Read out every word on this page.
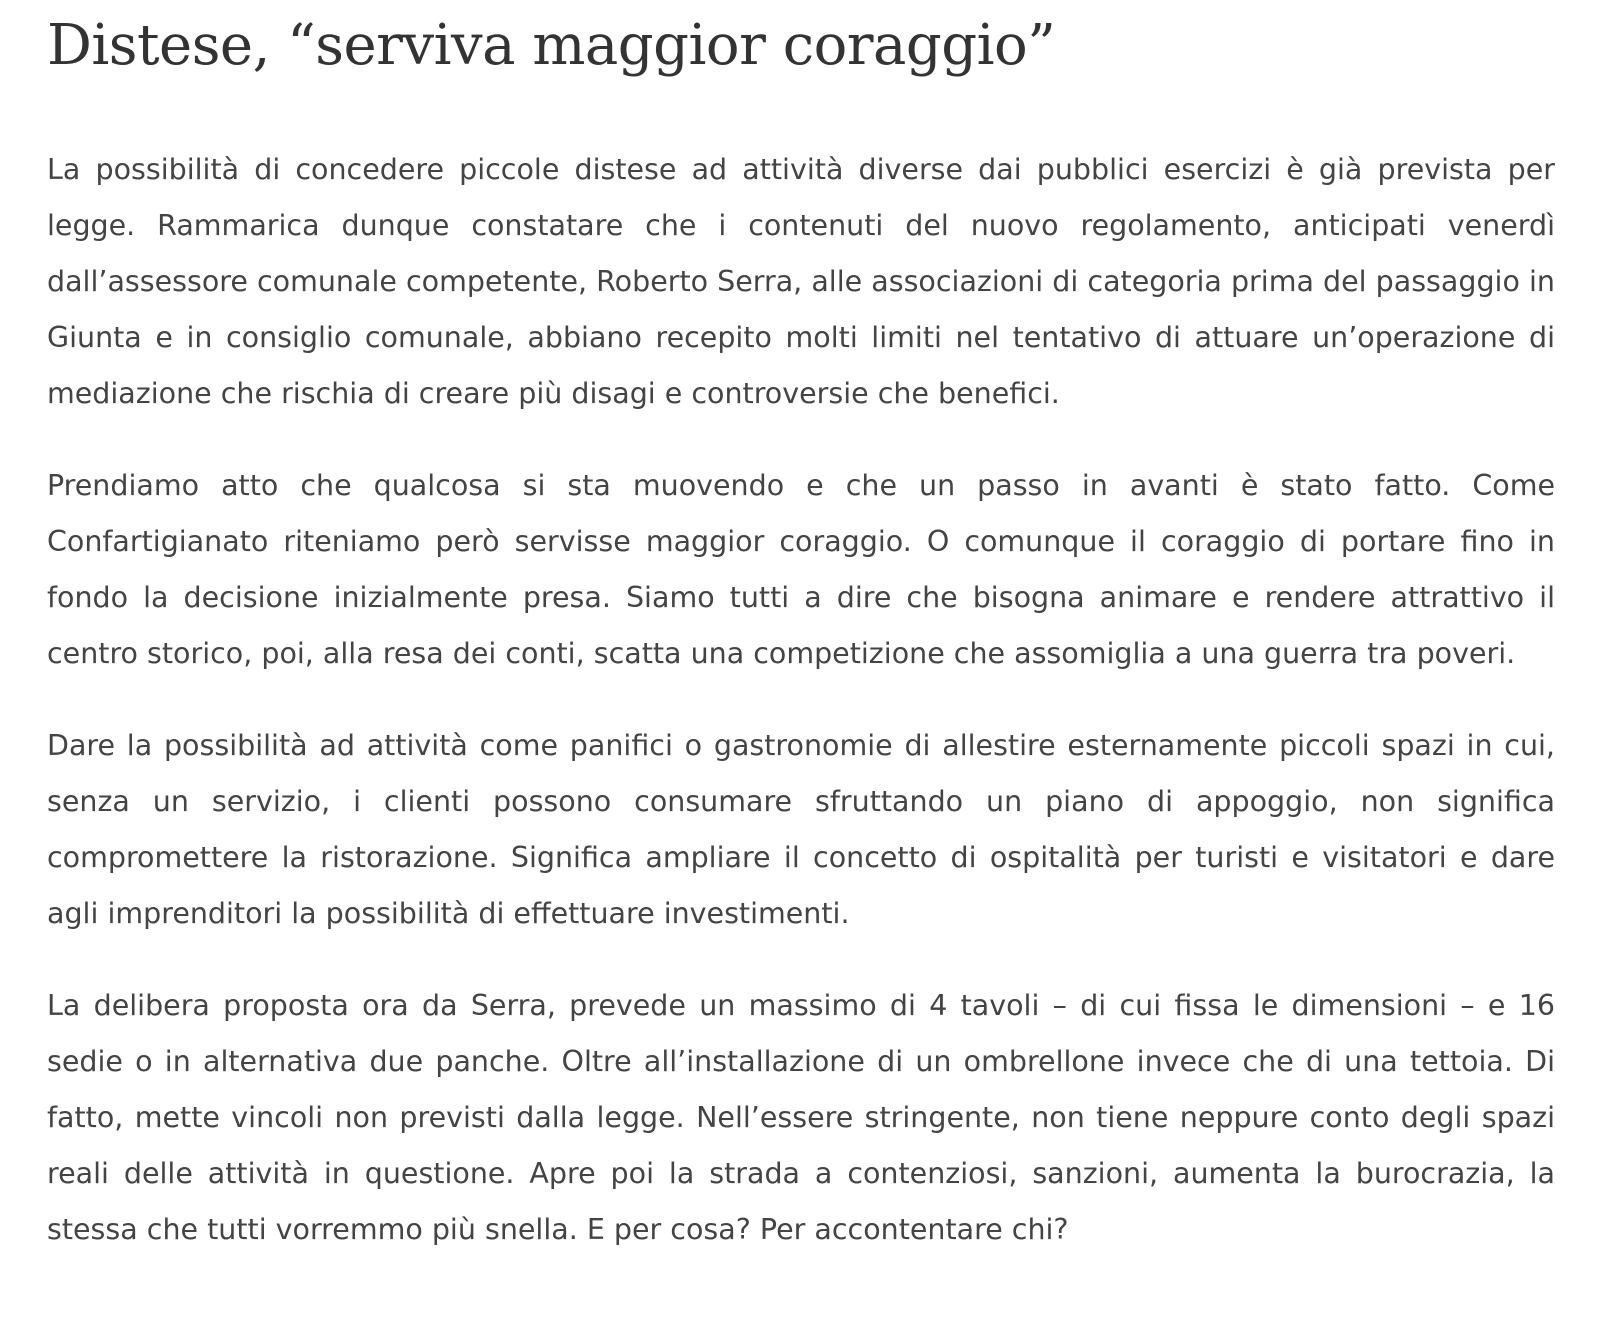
Distese, “serviva maggior coraggio”

La possibilità di concedere piccole distese ad attività diverse dai pubblici esercizi è già prevista per legge. Rammarica dunque constatare che i contenuti del nuovo regolamento, anticipati venerdì dall’assessore comunale competente, Roberto Serra, alle associazioni di categoria prima del passaggio in Giunta e in consiglio comunale, abbiano recepito molti limiti nel tentativo di attuare un’operazione di mediazione che rischia di creare più disagi e controversie che benefici.

Prendiamo atto che qualcosa si sta muovendo e che un passo in avanti è stato fatto. Come Confartigianato riteniamo però servisse maggior coraggio. O comunque il coraggio di portare fino in fondo la decisione inizialmente presa. Siamo tutti a dire che bisogna animare e rendere attrattivo il centro storico, poi, alla resa dei conti, scatta una competizione che assomiglia a una guerra tra poveri.

Dare la possibilità ad attività come panifici o gastronomie di allestire esternamente piccoli spazi in cui, senza un servizio, i clienti possono consumare sfruttando un piano di appoggio, non significa compromettere la ristorazione. Significa ampliare il concetto di ospitalità per turisti e visitatori e dare agli imprenditori la possibilità di effettuare investimenti.

La delibera proposta ora da Serra, prevede un massimo di 4 tavoli – di cui fissa le dimensioni – e 16 sedie o in alternativa due panche. Oltre all’installazione di un ombrellone invece che di una tettoia. Di fatto, mette vincoli non previsti dalla legge. Nell’essere stringente, non tiene neppure conto degli spazi reali delle attività in questione. Apre poi la strada a contenziosi, sanzioni, aumenta la burocrazia, la stessa che tutti vorremmo più snella. E per cosa? Per accontentare chi?
